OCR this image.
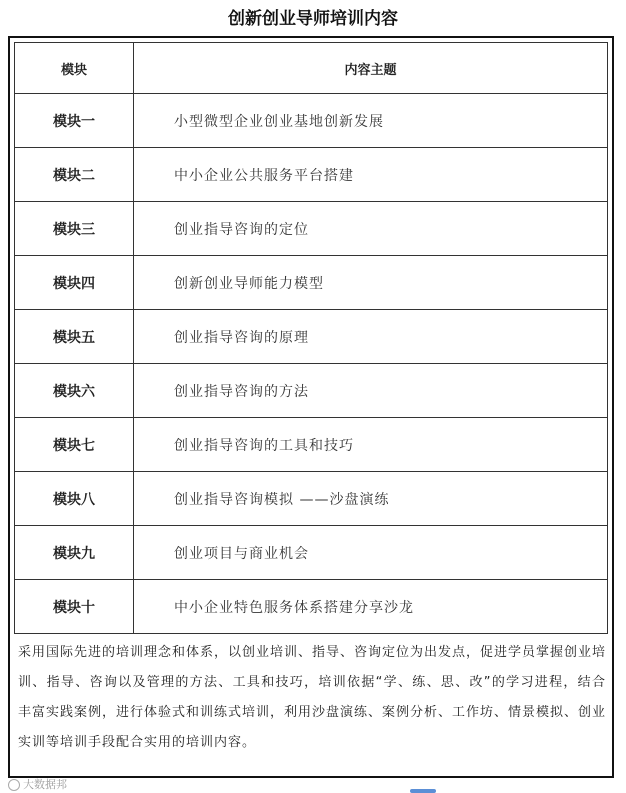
创新创业导师培训内容
模块	内容主题
模块一	小型微型企业创业基地创新发展
模块二	中小企业公共服务平台搭建
模块三	创业指导咨询的定位
模块四	创新创业导师能力模型
模块五	创业指导咨询的原理
模块六	创业指导咨询的方法
模块七	创业指导咨询的工具和技巧
模块八	创业指导咨询模拟 ——沙盘演练
模块九	创业项目与商业机会
模块十	中小企业特色服务体系搭建分享沙龙
采用国际先进的培训理念和体系，以创业培训、指导、咨询定位为出发点，促进学员掌握创业培训、指导、咨询以及管理的方法、工具和技巧，培训依据“学、练、思、改”的学习进程，结合丰富实践案例，进行体验式和训练式培训，利用沙盘演练、案例分析、工作坊、情景模拟、创业实训等培训手段配合实用的培训内容。
大数据邦
